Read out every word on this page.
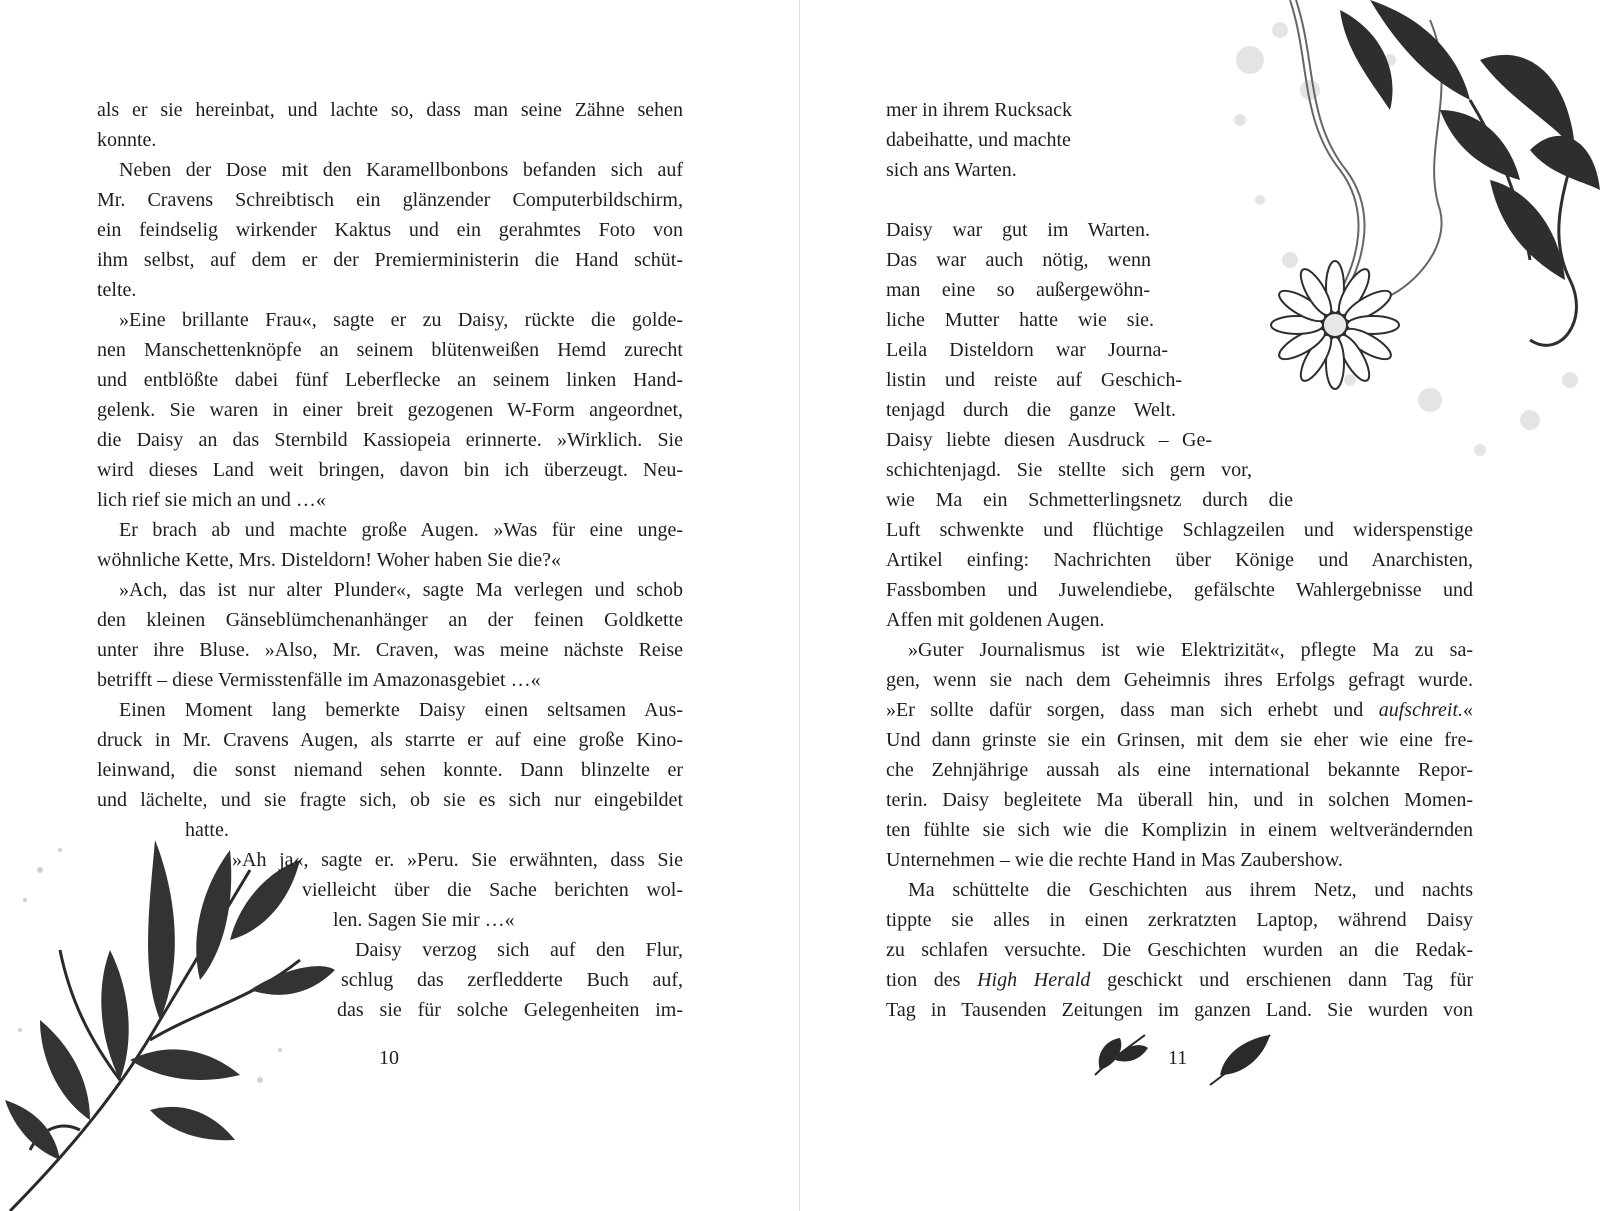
als er sie hereinbat, und lachte so, dass man seine Zähne sehen
konnte.
Neben der Dose mit den Karamellbonbons befanden sich auf
Mr. Cravens Schreibtisch ein glänzender Computerbildschirm,
ein feindselig wirkender Kaktus und ein gerahmtes Foto von
ihm selbst, auf dem er der Premierministerin die Hand schüt-
telte.
»Eine brillante Frau«, sagte er zu Daisy, rückte die golde-
nen Manschettenknöpfe an seinem blütenweißen Hemd zurecht
und entblößte dabei fünf Leberflecke an seinem linken Hand-
gelenk. Sie waren in einer breit gezogenen W-Form angeordnet,
die Daisy an das Sternbild Kassiopeia erinnerte. »Wirklich. Sie
wird dieses Land weit bringen, davon bin ich überzeugt. Neu-
lich rief sie mich an und …«
Er brach ab und machte große Augen. »Was für eine unge-
wöhnliche Kette, Mrs. Disteldorn! Woher haben Sie die?«
»Ach, das ist nur alter Plunder«, sagte Ma verlegen und schob
den kleinen Gänseblümchenanhänger an der feinen Goldkette
unter ihre Bluse. »Also, Mr. Craven, was meine nächste Reise
betrifft – diese Vermisstenfälle im Amazonasgebiet …«
Einen Moment lang bemerkte Daisy einen seltsamen Aus-
druck in Mr. Cravens Augen, als starrte er auf eine große Kino-
leinwand, die sonst niemand sehen konnte. Dann blinzelte er
und lächelte, und sie fragte sich, ob sie es sich nur eingebildet
hatte.
»Ah ja«, sagte er. »Peru. Sie erwähnten, dass Sie
vielleicht über die Sache berichten wol-
len. Sagen Sie mir …«
Daisy verzog sich auf den Flur,
schlug das zerfledderte Buch auf,
das sie für solche Gelegenheiten im-
10
mer in ihrem Rucksack
dabeihatte, und machte
sich ans Warten.
Daisy war gut im Warten.
Das war auch nötig, wenn
man eine so außergewöhn-
liche Mutter hatte wie sie.
Leila Disteldorn war Journa-
listin und reiste auf Geschich-
tenjagd durch die ganze Welt.
Daisy liebte diesen Ausdruck – Ge-
schichtenjagd. Sie stellte sich gern vor,
wie Ma ein Schmetterlingsnetz durch die
Luft schwenkte und flüchtige Schlagzeilen und widerspenstige
Artikel einfing: Nachrichten über Könige und Anarchisten,
Fassbomben und Juwelendiebe, gefälschte Wahlergebnisse und
Affen mit goldenen Augen.
»Guter Journalismus ist wie Elektrizität«, pflegte Ma zu sa-
gen, wenn sie nach dem Geheimnis ihres Erfolgs gefragt wurde.
»Er sollte dafür sorgen, dass man sich erhebt und aufschreit.«
Und dann grinste sie ein Grinsen, mit dem sie eher wie eine fre-
che Zehnjährige aussah als eine international bekannte Repor-
terin. Daisy begleitete Ma überall hin, und in solchen Momen-
ten fühlte sie sich wie die Komplizin in einem weltverändernden
Unternehmen – wie die rechte Hand in Mas Zaubershow.
Ma schüttelte die Geschichten aus ihrem Netz, und nachts
tippte sie alles in einen zerkratzten Laptop, während Daisy
zu schlafen versuchte. Die Geschichten wurden an die Redak-
tion des High Herald geschickt und erschienen dann Tag für
Tag in Tausenden Zeitungen im ganzen Land. Sie wurden von
11
